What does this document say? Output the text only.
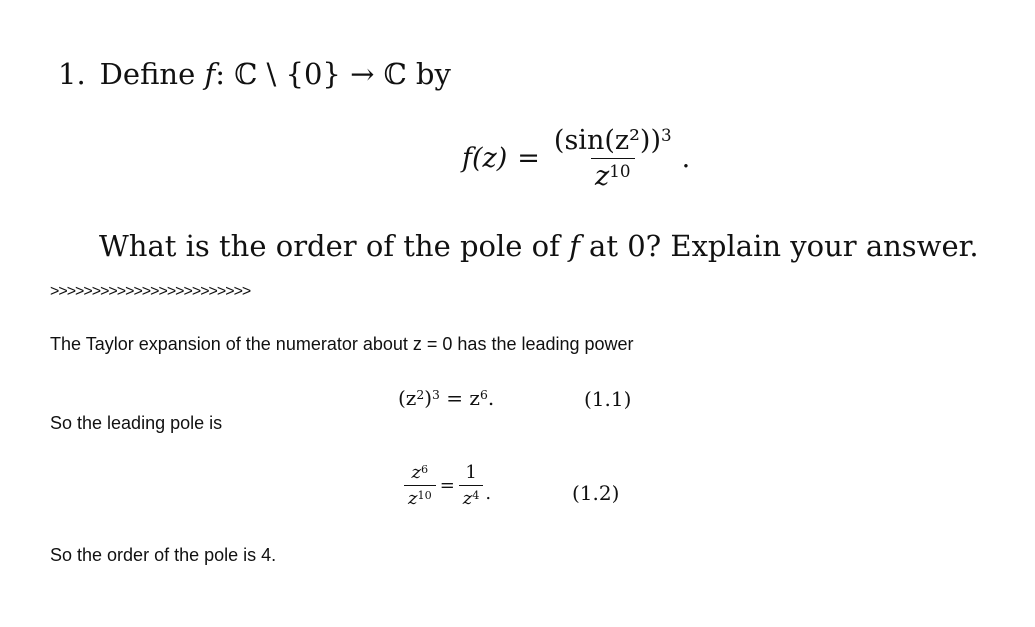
1. Define f: ℂ \ {0} → ℂ by
$f(z) = \frac{(\sin(z^2))^3}{z^{10}}$ .
What is the order of the pole of f at 0? Explain your answer.
>>>>>>>>>>>>>>>>>>>>>>>>
The Taylor expansion of the numerator about z = 0 has the leading power
$(z^2)^3 = z^6$.	(1.1)
So the leading pole is
$\frac{z^6}{z^{10}} = \frac{1}{z^4}$ .	(1.2)
So the order of the pole is 4.
